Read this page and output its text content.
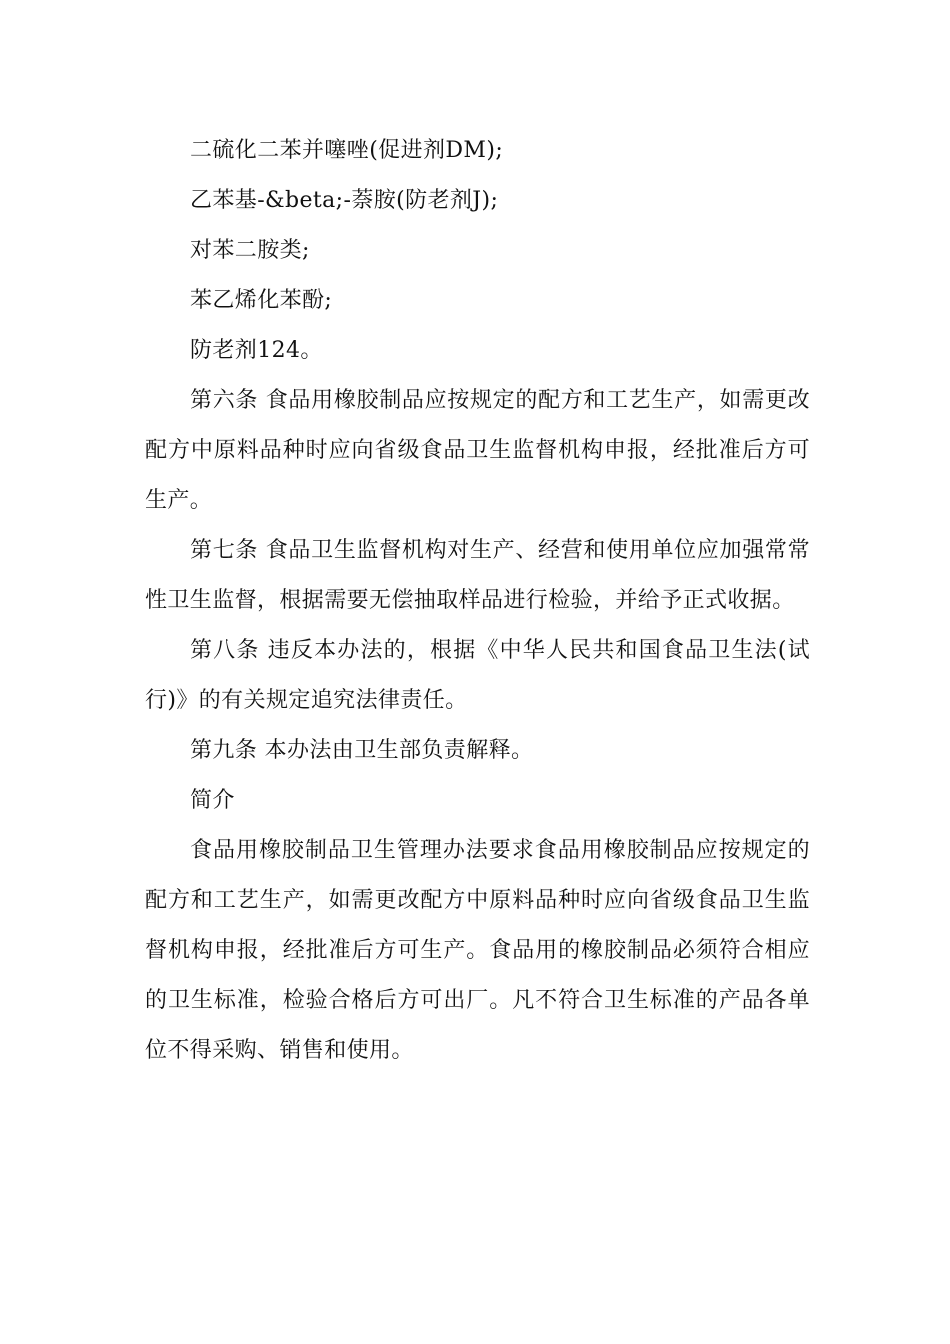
二硫化二苯并噻唑(促进剂DM);

乙苯基-&beta;-萘胺(防老剂J);

对苯二胺类;

苯乙烯化苯酚;

防老剂124。

第六条 食品用橡胶制品应按规定的配方和工艺生产，如需更改配方中原料品种时应向省级食品卫生监督机构申报，经批准后方可生产。

第七条 食品卫生监督机构对生产、经营和使用单位应加强常常性卫生监督，根据需要无偿抽取样品进行检验，并给予正式收据。

第八条 违反本办法的，根据《中华人民共和国食品卫生法(试行)》的有关规定追究法律责任。

第九条 本办法由卫生部负责解释。

简介

食品用橡胶制品卫生管理办法要求食品用橡胶制品应按规定的配方和工艺生产，如需更改配方中原料品种时应向省级食品卫生监督机构申报，经批准后方可生产。食品用的橡胶制品必须符合相应的卫生标准，检验合格后方可出厂。凡不符合卫生标准的产品各单位不得采购、销售和使用。
